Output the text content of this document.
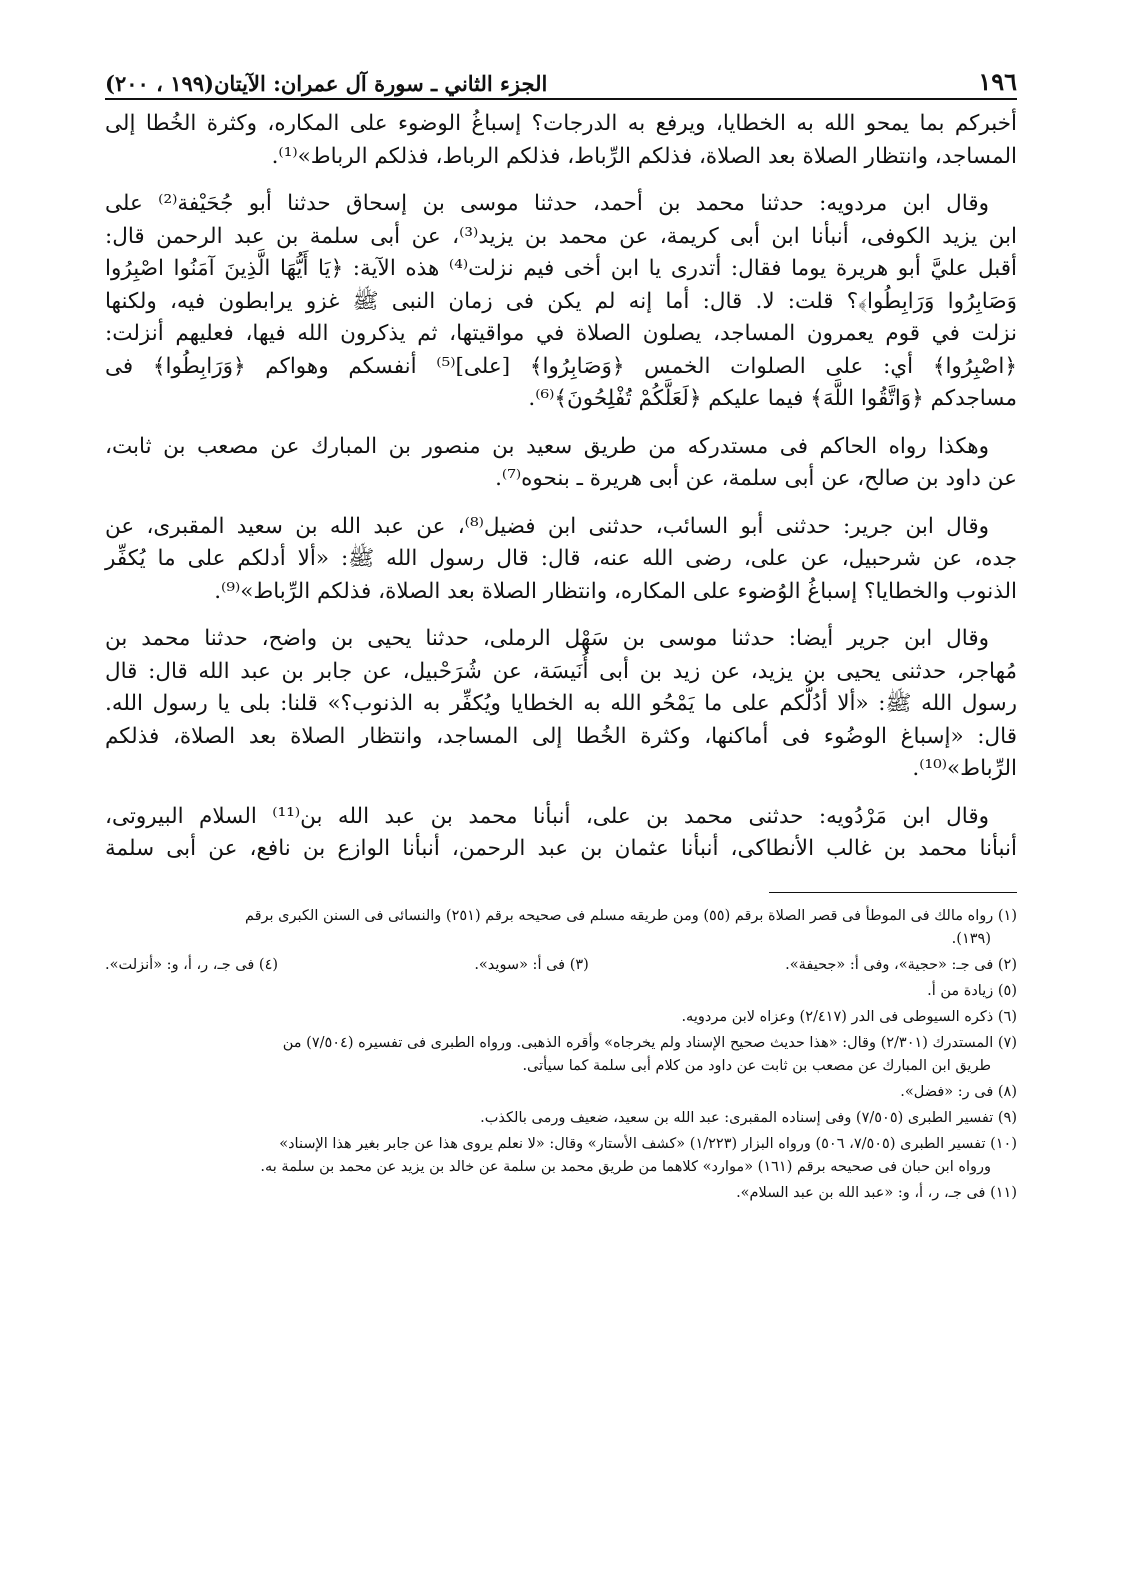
١٩٦
الجزء الثاني ـ سورة آل عمران: الآيتان(١٩٩ ، ٢٠٠)

أخبركم بما يمحو الله به الخطايا، ويرفع به الدرجات؟ إسباغُ الوضوء على المكاره، وكثرة الخُطا إلى
المساجد، وانتظار الصلاة بعد الصلاة، فذلكم الرِّباط، فذلكم الرباط، فذلكم الرباط»⁽¹⁾.

وقال ابن مردويه: حدثنا محمد بن أحمد، حدثنا موسى بن إسحاق حدثنا أبو جُحَيْفة⁽²⁾ على
ابن يزيد الكوفى، أنبأنا ابن أبى كريمة، عن محمد بن يزيد⁽³⁾، عن أبى سلمة بن عبد الرحمن قال:
أقبل عليَّ أبو هريرة يوما فقال: أتدرى يا ابن أخى فيم نزلت⁽⁴⁾ هذه الآية: ﴿يَا أَيُّهَا الَّذِينَ آمَنُوا اصْبِرُوا
وَصَابِرُوا وَرَابِطُوا﴾؟ قلت: لا. قال: أما إنه لم يكن فى زمان النبى ﷺ غزو يرابطون فيه، ولكنها
نزلت في قوم يعمرون المساجد، يصلون الصلاة في مواقيتها، ثم يذكرون الله فيها، فعليهم أنزلت:
﴿اصْبِرُوا﴾ أي: على الصلوات الخمس ﴿وَصَابِرُوا﴾ [على]⁽⁵⁾ أنفسكم وهواكم ﴿وَرَابِطُوا﴾ فى
مساجدكم ﴿وَاتَّقُوا اللَّهَ﴾ فيما عليكم ﴿لَعَلَّكُمْ تُفْلِحُونَ﴾⁽⁶⁾.

وهكذا رواه الحاكم فى مستدركه من طريق سعيد بن منصور بن المبارك عن مصعب بن ثابت،
عن داود بن صالح، عن أبى سلمة، عن أبى هريرة ـ بنحوه⁽⁷⁾.

وقال ابن جرير: حدثنى أبو السائب، حدثنى ابن فضيل⁽⁸⁾، عن عبد الله بن سعيد المقبرى، عن
جده، عن شرحبيل، عن على، رضى الله عنه، قال: قال رسول الله ﷺ: «ألا أدلكم على ما يُكفِّر
الذنوب والخطايا؟ إسباغُ الوُضوء على المكاره، وانتظار الصلاة بعد الصلاة، فذلكم الرِّباط»⁽⁹⁾.

وقال ابن جرير أيضا: حدثنا موسى بن سَهْل الرملى، حدثنا يحيى بن واضح، حدثنا محمد بن
مُهاجر، حدثنى يحيى بن يزيد، عن زيد بن أبى أُنَيسَة، عن شُرَحْبيل، عن جابر بن عبد الله قال: قال
رسول الله ﷺ: «ألا أدُلُّكم على ما يَمْحُو الله به الخطايا ويُكفِّر به الذنوب؟» قلنا: بلى يا رسول الله.
قال: «إسباغ الوضُوء فى أماكنها، وكثرة الخُطا إلى المساجد، وانتظار الصلاة بعد الصلاة، فذلكم
الرِّباط»⁽¹⁰⁾.

وقال ابن مَرْدُويه: حدثنى محمد بن على، أنبأنا محمد بن عبد الله بن⁽¹¹⁾ السلام البيروتى،
أنبأنا محمد بن غالب الأنطاكى، أنبأنا عثمان بن عبد الرحمن، أنبأنا الوازع بن نافع، عن أبى سلمة

(١) رواه مالك فى الموطأ فى قصر الصلاة برقم (٥٥) ومن طريقه مسلم فى صحيحه برقم (٢٥١) والنسائى فى السنن الكبرى برقم
(١٣٩).
(٢) فى جـ: «حجية»، وفى أ: «جحيفة».
(٣) فى أ: «سويد».
(٤) فى جـ، ر، أ، و: «أنزلت».
(٥) زيادة من أ.
(٦) ذكره السيوطى فى الدر (٢/٤١٧) وعزاه لابن مردويه.
(٧) المستدرك (٢/٣٠١) وقال: «هذا حديث صحيح الإسناد ولم يخرجاه» وأقره الذهبى. ورواه الطبرى فى تفسيره (٧/٥٠٤) من
طريق ابن المبارك عن مصعب بن ثابت عن داود من كلام أبى سلمة كما سيأتى.
(٨) فى ر: «فضل».
(٩) تفسير الطبرى (٧/٥٠٥) وفى إسناده المقبرى: عبد الله بن سعيد، ضعيف ورمى بالكذب.
(١٠) تفسير الطبرى (٧/٥٠٥، ٥٠٦) ورواه البزار (١/٢٢٣) «كشف الأستار» وقال: «لا نعلم يروى هذا عن جابر بغير هذا الإسناد»
ورواه ابن حبان فى صحيحه برقم (١٦١) «موارد» كلاهما من طريق محمد بن سلمة عن خالد بن يزيد عن محمد بن سلمة به.
(١١) فى جـ، ر، أ، و: «عبد الله بن عبد السلام».
